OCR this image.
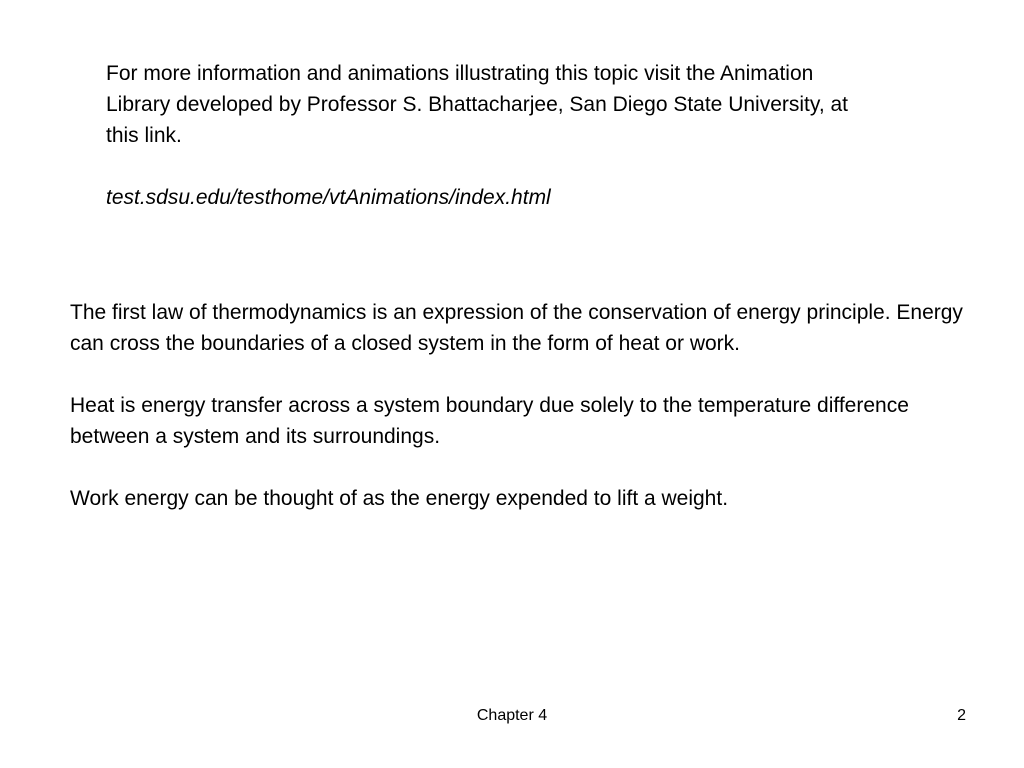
For more information and animations illustrating this topic visit the Animation Library developed by Professor S. Bhattacharjee, San Diego State University, at this link.

test.sdsu.edu/testhome/vtAnimations/index.html

The first law of thermodynamics is an expression of the conservation of energy principle. Energy can cross the boundaries of a closed system in the form of heat or work.

Heat is energy transfer across a system boundary due solely to the temperature difference between a system and its surroundings.

Work energy can be thought of as the energy expended to lift a weight.

Chapter 4	2
